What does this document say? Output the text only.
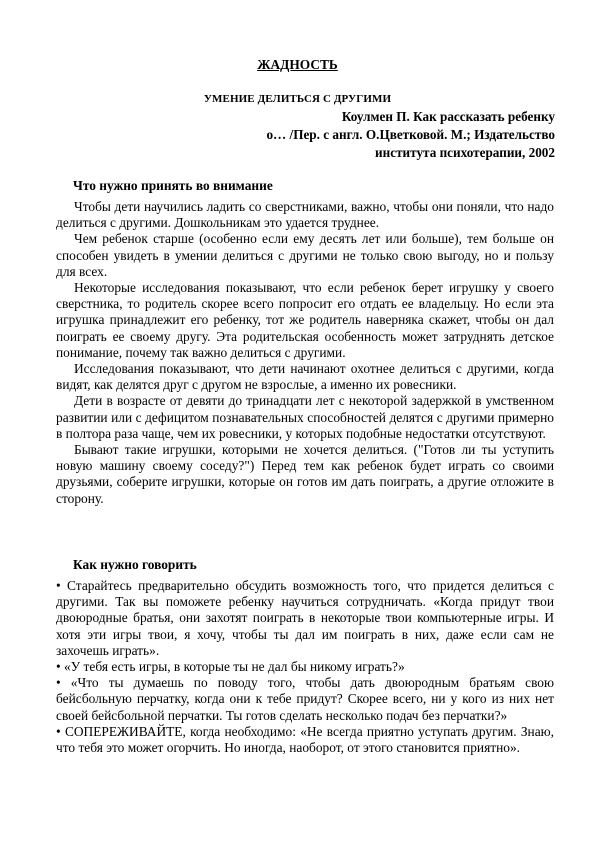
ЖАДНОСТЬ
УМЕНИЕ ДЕЛИТЬСЯ С ДРУГИМИ
Коулмен П. Как рассказать ребенку
о… /Пер. с англ. О.Цветковой. М.; Издательство
института психотерапии, 2002
Что нужно принять во внимание

Чтобы дети научились ладить со сверстниками, важно, чтобы они поняли, что надо делиться с другими. Дошкольникам это удается труднее.

Чем ребенок старше (особенно если ему десять лет или больше), тем больше он способен увидеть в умении делиться с другими не только свою выгоду, но и пользу для всех.

Некоторые исследования показывают, что если ребенок берет игрушку у своего сверстника, то родитель скорее всего попросит его отдать ее владельцу. Но если эта игрушка принадлежит его ребенку, тот же родитель наверняка скажет, чтобы он дал поиграть ее своему другу. Эта родительская особенность может затруднять детское понимание, почему так важно делиться с другими.

Исследования показывают, что дети начинают охотнее делиться с другими, когда видят, как делятся друг с другом не взрослые, а именно их ровесники.

Дети в возрасте от девяти до тринадцати лет с некоторой задержкой в умственном развитии или с дефицитом познавательных способностей делятся с другими примерно в полтора раза чаще, чем их ровесники, у которых подобные недостатки отсутствуют.

Бывают такие игрушки, которыми не хочется делиться. ("Готов ли ты уступить новую машину своему соседу?") Перед тем как ребенок будет играть со своими друзьями, соберите игрушки, которые он готов им дать поиграть, а другие отложите в сторону.

Как нужно говорить

• Старайтесь предварительно обсудить возможность того, что придется делиться с другими. Так вы поможете ребенку научиться сотрудничать. «Когда придут твои двоюродные братья, они захотят поиграть в некоторые твои компьютерные игры. И хотя эти игры твои, я хочу, чтобы ты дал им поиграть в них, даже если сам не захочешь играть».

• «У тебя есть игры, в которые ты не дал бы никому играть?»

• «Что ты думаешь по поводу того, чтобы дать двоюродным братьям свою бейсбольную перчатку, когда они к тебе придут? Скорее всего, ни у кого из них нет своей бейсбольной перчатки. Ты готов сделать несколько подач без перчатки?»

• СОПЕРЕЖИВАЙТЕ, когда необходимо: «Не всегда приятно уступать другим. Знаю, что тебя это может огорчить. Но иногда, наоборот, от этого становится приятно».
